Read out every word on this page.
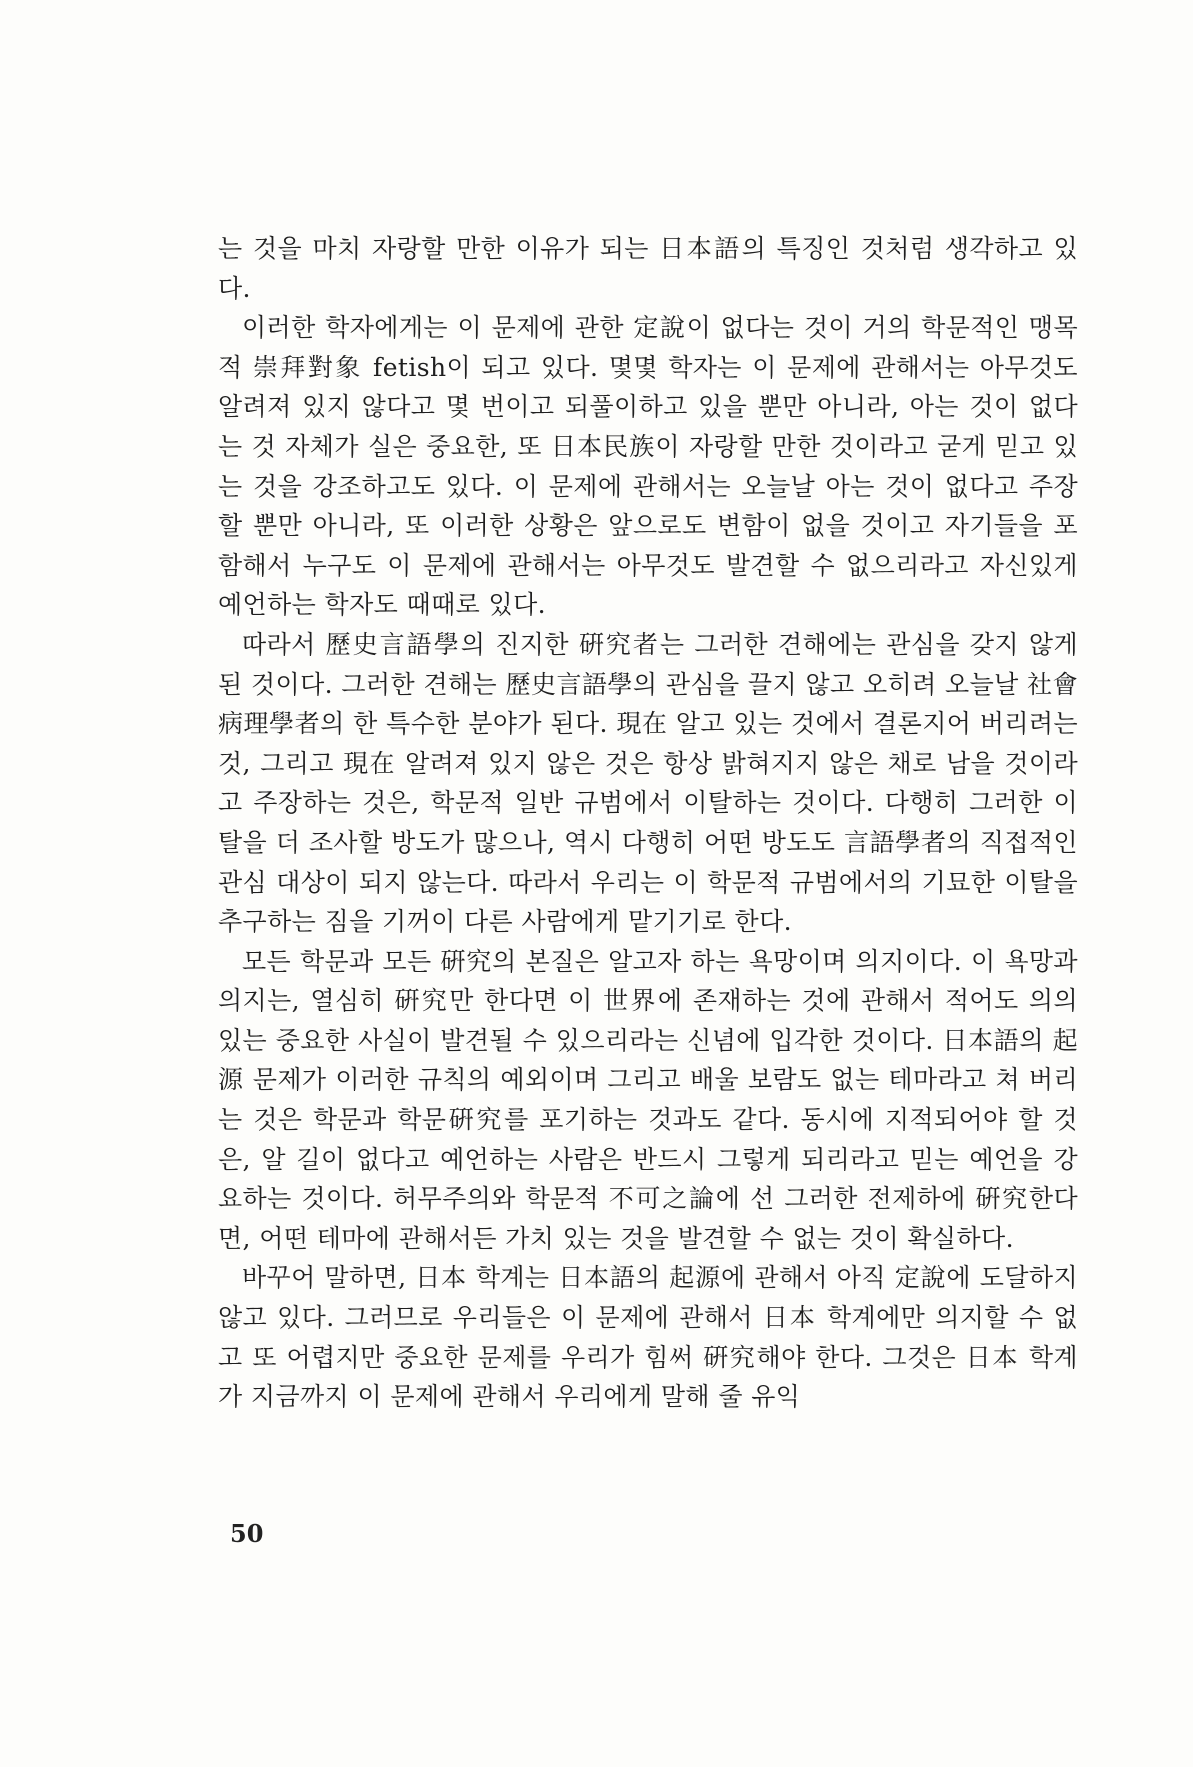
는 것을 마치 자랑할 만한 이유가 되는 日本語의 특징인 것처럼 생각하고 있다.

이러한 학자에게는 이 문제에 관한 定說이 없다는 것이 거의 학문적인 맹목적 崇拜對象 fetish이 되고 있다. 몇몇 학자는 이 문제에 관해서는 아무것도 알려져 있지 않다고 몇 번이고 되풀이하고 있을 뿐만 아니라, 아는 것이 없다는 것 자체가 실은 중요한, 또 日本民族이 자랑할 만한 것이라고 굳게 믿고 있는 것을 강조하고도 있다. 이 문제에 관해서는 오늘날 아는 것이 없다고 주장할 뿐만 아니라, 또 이러한 상황은 앞으로도 변함이 없을 것이고 자기들을 포함해서 누구도 이 문제에 관해서는 아무것도 발견할 수 없으리라고 자신있게 예언하는 학자도 때때로 있다.

따라서 歷史言語學의 진지한 硏究者는 그러한 견해에는 관심을 갖지 않게 된 것이다. 그러한 견해는 歷史言語學의 관심을 끌지 않고 오히려 오늘날 社會病理學者의 한 특수한 분야가 된다. 現在 알고 있는 것에서 결론지어 버리려는 것, 그리고 現在 알려져 있지 않은 것은 항상 밝혀지지 않은 채로 남을 것이라고 주장하는 것은, 학문적 일반 규범에서 이탈하는 것이다. 다행히 그러한 이탈을 더 조사할 방도가 많으나, 역시 다행히 어떤 방도도 言語學者의 직접적인 관심 대상이 되지 않는다. 따라서 우리는 이 학문적 규범에서의 기묘한 이탈을 추구하는 짐을 기꺼이 다른 사람에게 맡기기로 한다.

모든 학문과 모든 硏究의 본질은 알고자 하는 욕망이며 의지이다. 이 욕망과 의지는, 열심히 硏究만 한다면 이 世界에 존재하는 것에 관해서 적어도 의의 있는 중요한 사실이 발견될 수 있으리라는 신념에 입각한 것이다. 日本語의 起源 문제가 이러한 규칙의 예외이며 그리고 배울 보람도 없는 테마라고 쳐 버리는 것은 학문과 학문硏究를 포기하는 것과도 같다. 동시에 지적되어야 할 것은, 알 길이 없다고 예언하는 사람은 반드시 그렇게 되리라고 믿는 예언을 강요하는 것이다. 허무주의와 학문적 不可之論에 선 그러한 전제하에 硏究한다면, 어떤 테마에 관해서든 가치 있는 것을 발견할 수 없는 것이 확실하다.

바꾸어 말하면, 日本 학계는 日本語의 起源에 관해서 아직 定說에 도달하지 않고 있다. 그러므로 우리들은 이 문제에 관해서 日本 학계에만 의지할 수 없고 또 어렵지만 중요한 문제를 우리가 힘써 硏究해야 한다. 그것은 日本 학계가 지금까지 이 문제에 관해서 우리에게 말해 줄 유익

50
